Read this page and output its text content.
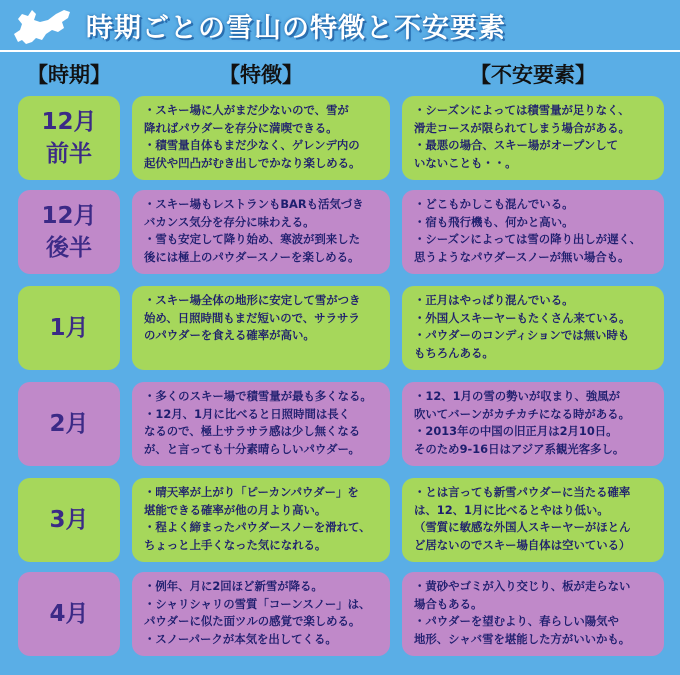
時期ごとの雪山の特徴と不安要素
【時期】	【特徴】	【不安要素】
12月
前半
・スキー場に人がまだ少ないので、雪が
降ればパウダーを存分に満喫できる。
・積雪量自体もまだ少なく、ゲレンデ内の
起伏や凹凸がむき出しでかなり楽しめる。
・シーズンによっては積雪量が足りなく、
滑走コースが限られてしまう場合がある。
・最悪の場合、スキー場がオープンして
いないことも・・。
12月
後半
・スキー場もレストランもBARも活気づき
バカンス気分を存分に味わえる。
・雪も安定して降り始め、寒波が到来した
後には極上のパウダースノーを楽しめる。
・どこもかしこも混んでいる。
・宿も飛行機も、何かと高い。
・シーズンによっては雪の降り出しが遅く、
思うようなパウダースノーが無い場合も。
1月
・スキー場全体の地形に安定して雪がつき
始め、日照時間もまだ短いので、サラサラ
のパウダーを食える確率が高い。
・正月はやっぱり混んでいる。
・外国人スキーヤーもたくさん来ている。
・パウダーのコンディションでは無い時も
もちろんある。
2月
・多くのスキー場で積雪量が最も多くなる。
・12月、1月に比べると日照時間は長く
なるので、極上サラサラ感は少し無くなる
が、と言っても十分素晴らしいパウダー。
・12、1月の雪の勢いが収まり、強風が
吹いてバーンがカチカチになる時がある。
・2013年の中国の旧正月は2月10日。
そのため9-16日はアジア系観光客多し。
3月
・晴天率が上がり「ピーカンパウダー」を
堪能できる確率が他の月より高い。
・程よく締まったパウダースノーを滑れて、
ちょっと上手くなった気になれる。
・とは言っても新雪パウダーに当たる確率
は、12、1月に比べるとやはり低い。
（雪質に敏感な外国人スキーヤーがほとん
ど居ないのでスキー場自体は空いている）
4月
・例年、月に2回ほど新雪が降る。
・シャリシャリの雪質「コーンスノー」は、
パウダーに似た面ツルの感覚で楽しめる。
・スノーパークが本気を出してくる。
・黄砂やゴミが入り交じり、板が走らない
場合もある。
・パウダーを望むより、春らしい陽気や
地形、シャバ雪を堪能した方がいいかも。
